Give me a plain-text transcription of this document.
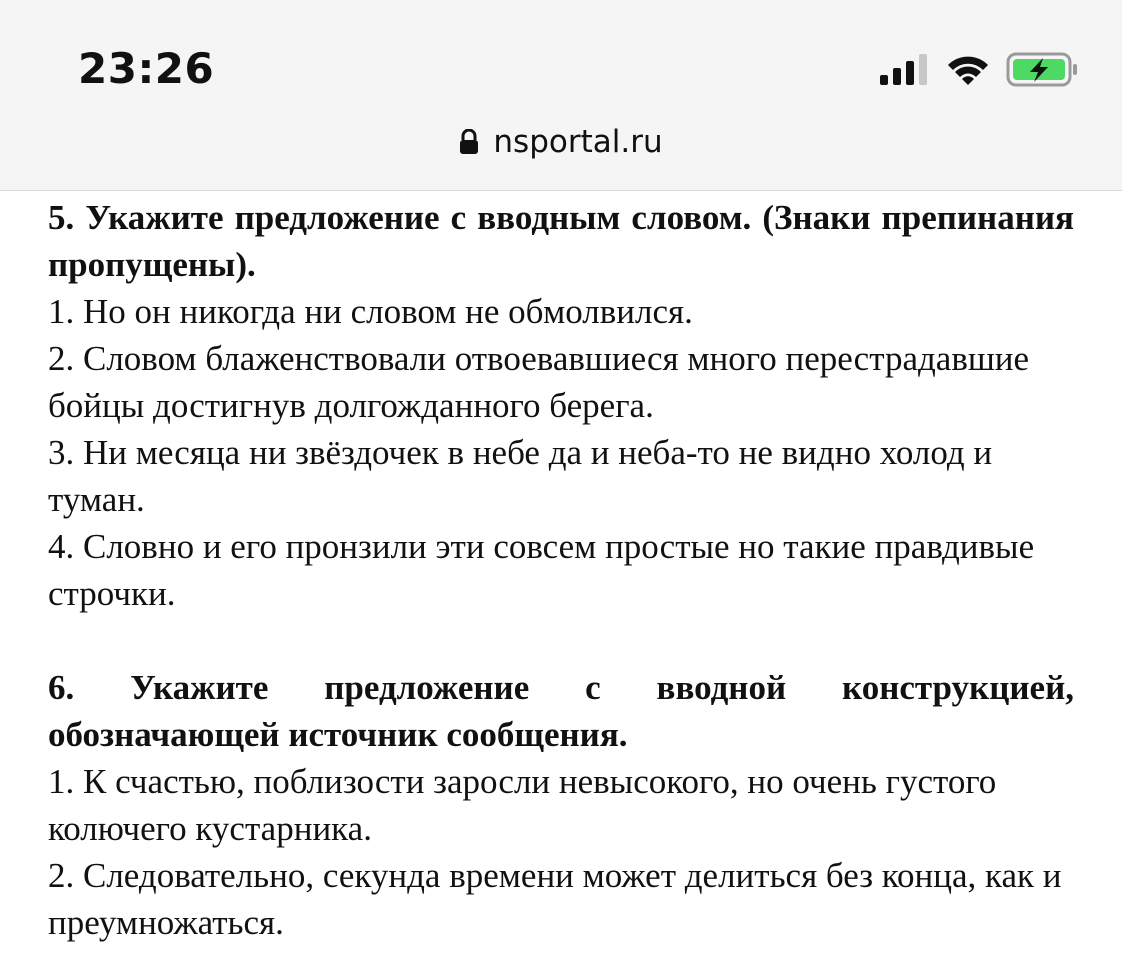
23:26
nsportal.ru

5. Укажите предложение с вводным словом. (Знаки препинания пропущены).

1. Но он никогда ни словом не обмолвился.

2. Словом блаженствовали отвоевавшиеся много перестрадавшие бойцы достигнув долгожданного берега.

3. Ни месяца ни звёздочек в небе да и неба-то не видно холод и туман.

4. Словно и его пронзили эти совсем простые но такие правдивые строчки.

6. Укажите предложение с вводной конструкцией, обозначающей источник сообщения.

1. К счастью, поблизости заросли невысокого, но очень густого колючего кустарника.

2. Следовательно, секунда времени может делиться без конца, как и преумножаться.
